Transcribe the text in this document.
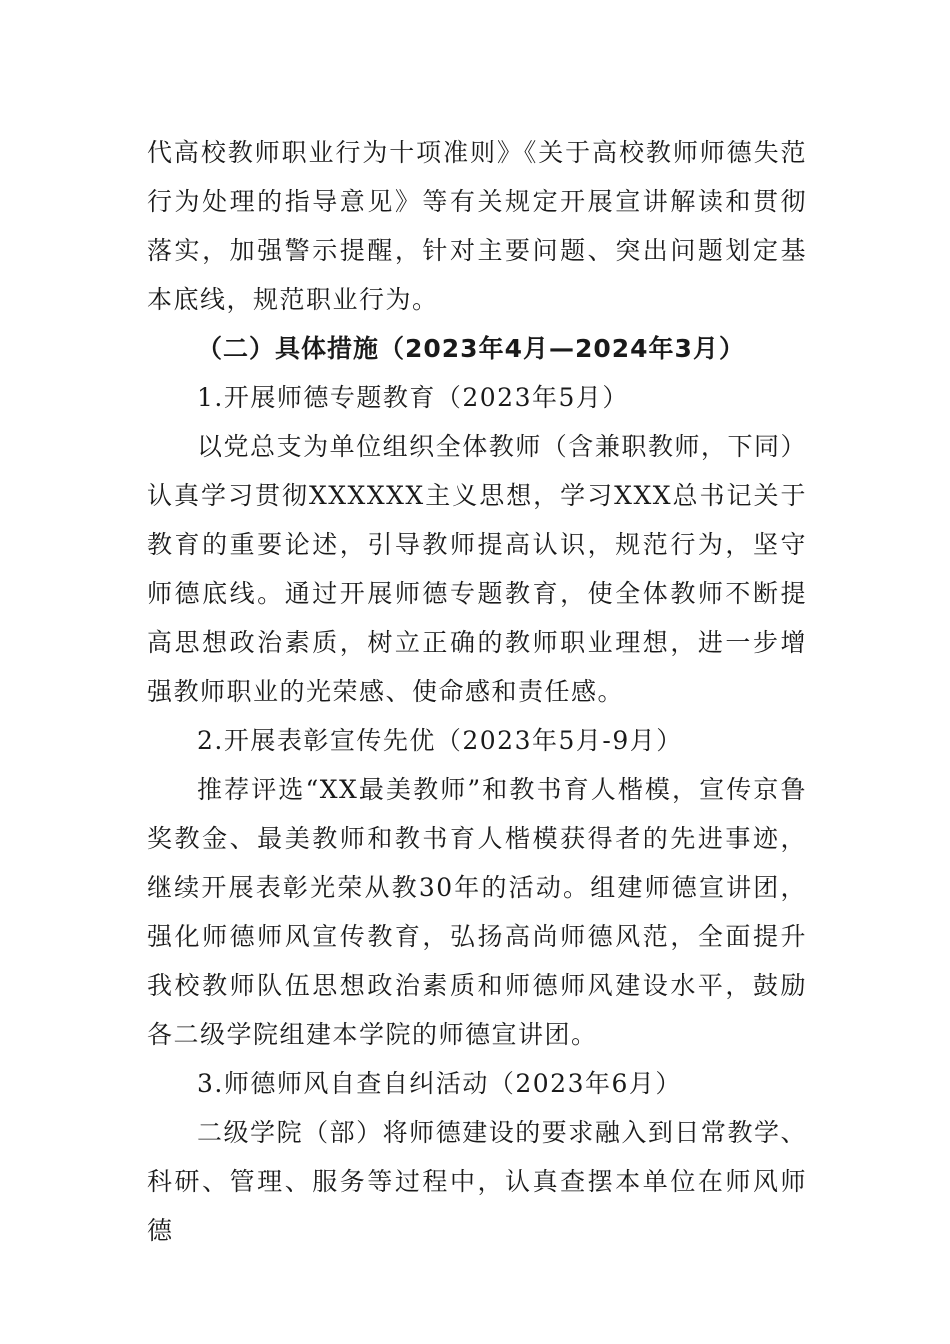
代高校教师职业行为十项准则》《关于高校教师师德失范行为处理的指导意见》等有关规定开展宣讲解读和贯彻落实，加强警示提醒，针对主要问题、突出问题划定基本底线，规范职业行为。

（二）具体措施（2023年4月—2024年3月）

1.开展师德专题教育（2023年5月）

以党总支为单位组织全体教师（含兼职教师，下同）认真学习贯彻XXXXXX主义思想，学习XXX总书记关于教育的重要论述，引导教师提高认识，规范行为，坚守师德底线。通过开展师德专题教育，使全体教师不断提高思想政治素质，树立正确的教师职业理想，进一步增强教师职业的光荣感、使命感和责任感。

2.开展表彰宣传先优（2023年5月-9月）

推荐评选“XX最美教师”和教书育人楷模，宣传京鲁奖教金、最美教师和教书育人楷模获得者的先进事迹，继续开展表彰光荣从教30年的活动。组建师德宣讲团，强化师德师风宣传教育，弘扬高尚师德风范，全面提升我校教师队伍思想政治素质和师德师风建设水平，鼓励各二级学院组建本学院的师德宣讲团。

3.师德师风自查自纠活动（2023年6月）

二级学院（部）将师德建设的要求融入到日常教学、科研、管理、服务等过程中，认真查摆本单位在师风师德
